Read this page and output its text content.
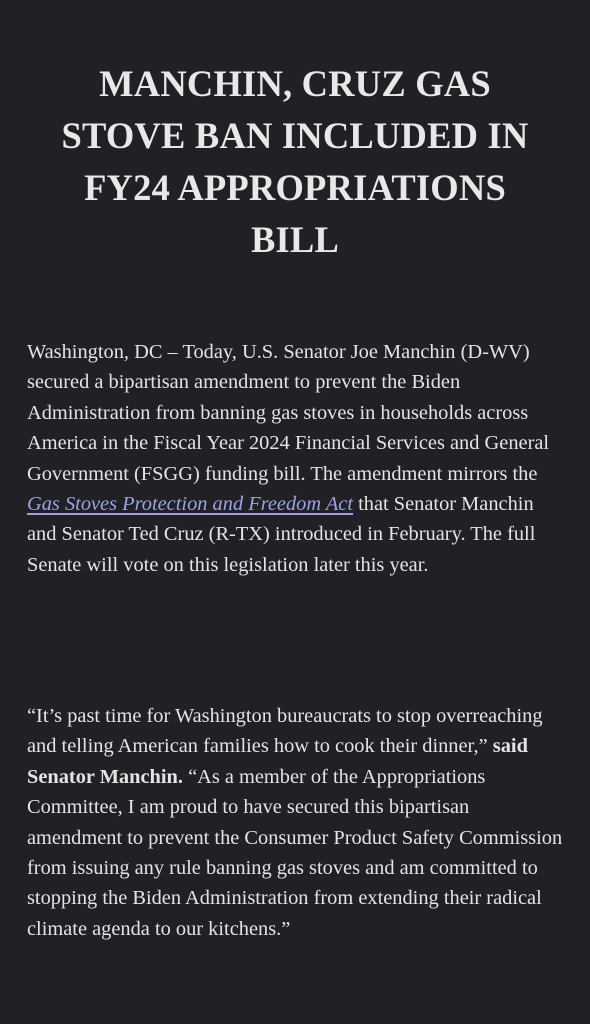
MANCHIN, CRUZ GAS
STOVE BAN INCLUDED IN
FY24 APPROPRIATIONS
BILL

Washington, DC – Today, U.S. Senator Joe Manchin (D-WV) secured a bipartisan amendment to prevent the Biden Administration from banning gas stoves in households across America in the Fiscal Year 2024 Financial Services and General Government (FSGG) funding bill. The amendment mirrors the Gas Stoves Protection and Freedom Act that Senator Manchin and Senator Ted Cruz (R-TX) introduced in February. The full Senate will vote on this legislation later this year.

“It’s past time for Washington bureaucrats to stop overreaching and telling American families how to cook their dinner,” said Senator Manchin. “As a member of the Appropriations Committee, I am proud to have secured this bipartisan amendment to prevent the Consumer Product Safety Commission from issuing any rule banning gas stoves and am committed to stopping the Biden Administration from extending their radical climate agenda to our kitchens.”
